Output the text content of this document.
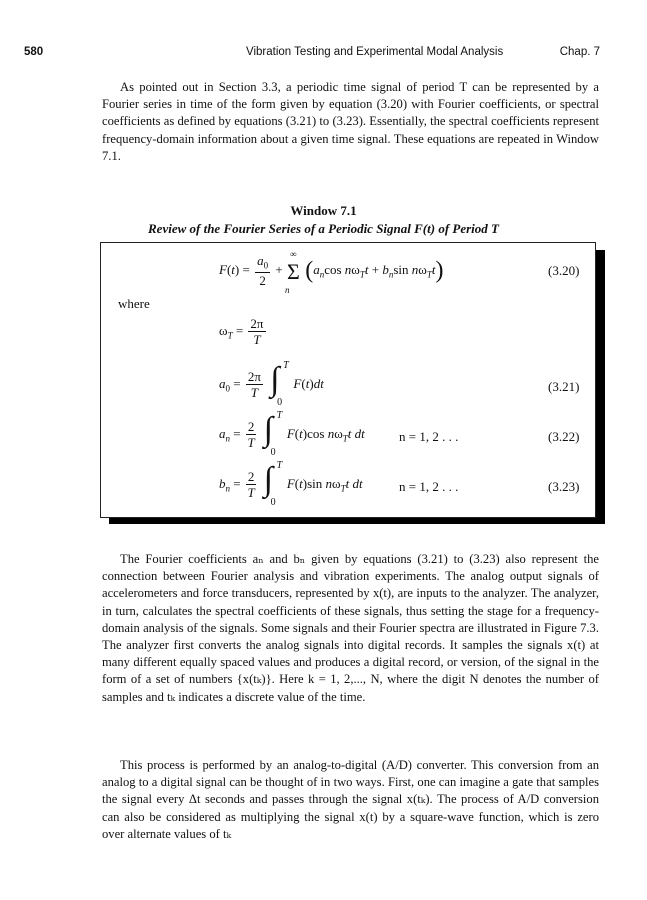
580	Vibration Testing and Experimental Modal Analysis	Chap. 7

As pointed out in Section 3.3, a periodic time signal of period T can be represented by a Fourier series in time of the form given by equation (3.20) with Fourier coefficients, or spectral coefficients as defined by equations (3.21) to (3.23). Essentially, the spectral coefficients represent frequency-domain information about a given time signal. These equations are repeated in Window 7.1.

Window 7.1
Review of the Fourier Series of a Periodic Signal F(t) of Period T
$F(t) = \frac{a_0}{2}$ +
∞
Σ
n
($a_n\cos$ $n\omega_Tt + b_n\sin$ $n\omega_Tt$)	(3.20)
where
$\omega_T = \frac{2\pi}{T}$
$a_0 = \frac{2\pi}{T}$
∫ T
0
F(t)dt	(3.21)
$a_n = \frac{2}{T}$
∫ T
0
F(t)cos $n\omega_Tt$ dt	n = 1, 2 . . .	(3.22)
$b_n = \frac{2}{T}$
∫ T
0
F(t)sin $n\omega_Tt$ dt	n = 1, 2 . . .	(3.23)

The Fourier coefficients aₙ and bₙ given by equations (3.21) to (3.23) also represent the connection between Fourier analysis and vibration experiments. The analog output signals of accelerometers and force transducers, represented by x(t), are inputs to the analyzer. The analyzer, in turn, calculates the spectral coefficients of these signals, thus setting the stage for a frequency-domain analysis of the signals. Some signals and their Fourier spectra are illustrated in Figure 7.3. The analyzer first converts the analog signals into digital records. It samples the signals x(t) at many different equally spaced values and produces a digital record, or version, of the signal in the form of a set of numbers {x(tₖ)}. Here k = 1, 2,..., N, where the digit N denotes the number of samples and tₖ indicates a discrete value of the time.

This process is performed by an analog-to-digital (A/D) converter. This conversion from an analog to a digital signal can be thought of in two ways. First, one can imagine a gate that samples the signal every Δt seconds and passes through the signal x(tₖ). The process of A/D conversion can also be considered as multiplying the signal x(t) by a square-wave function, which is zero over alternate values of tₖ
